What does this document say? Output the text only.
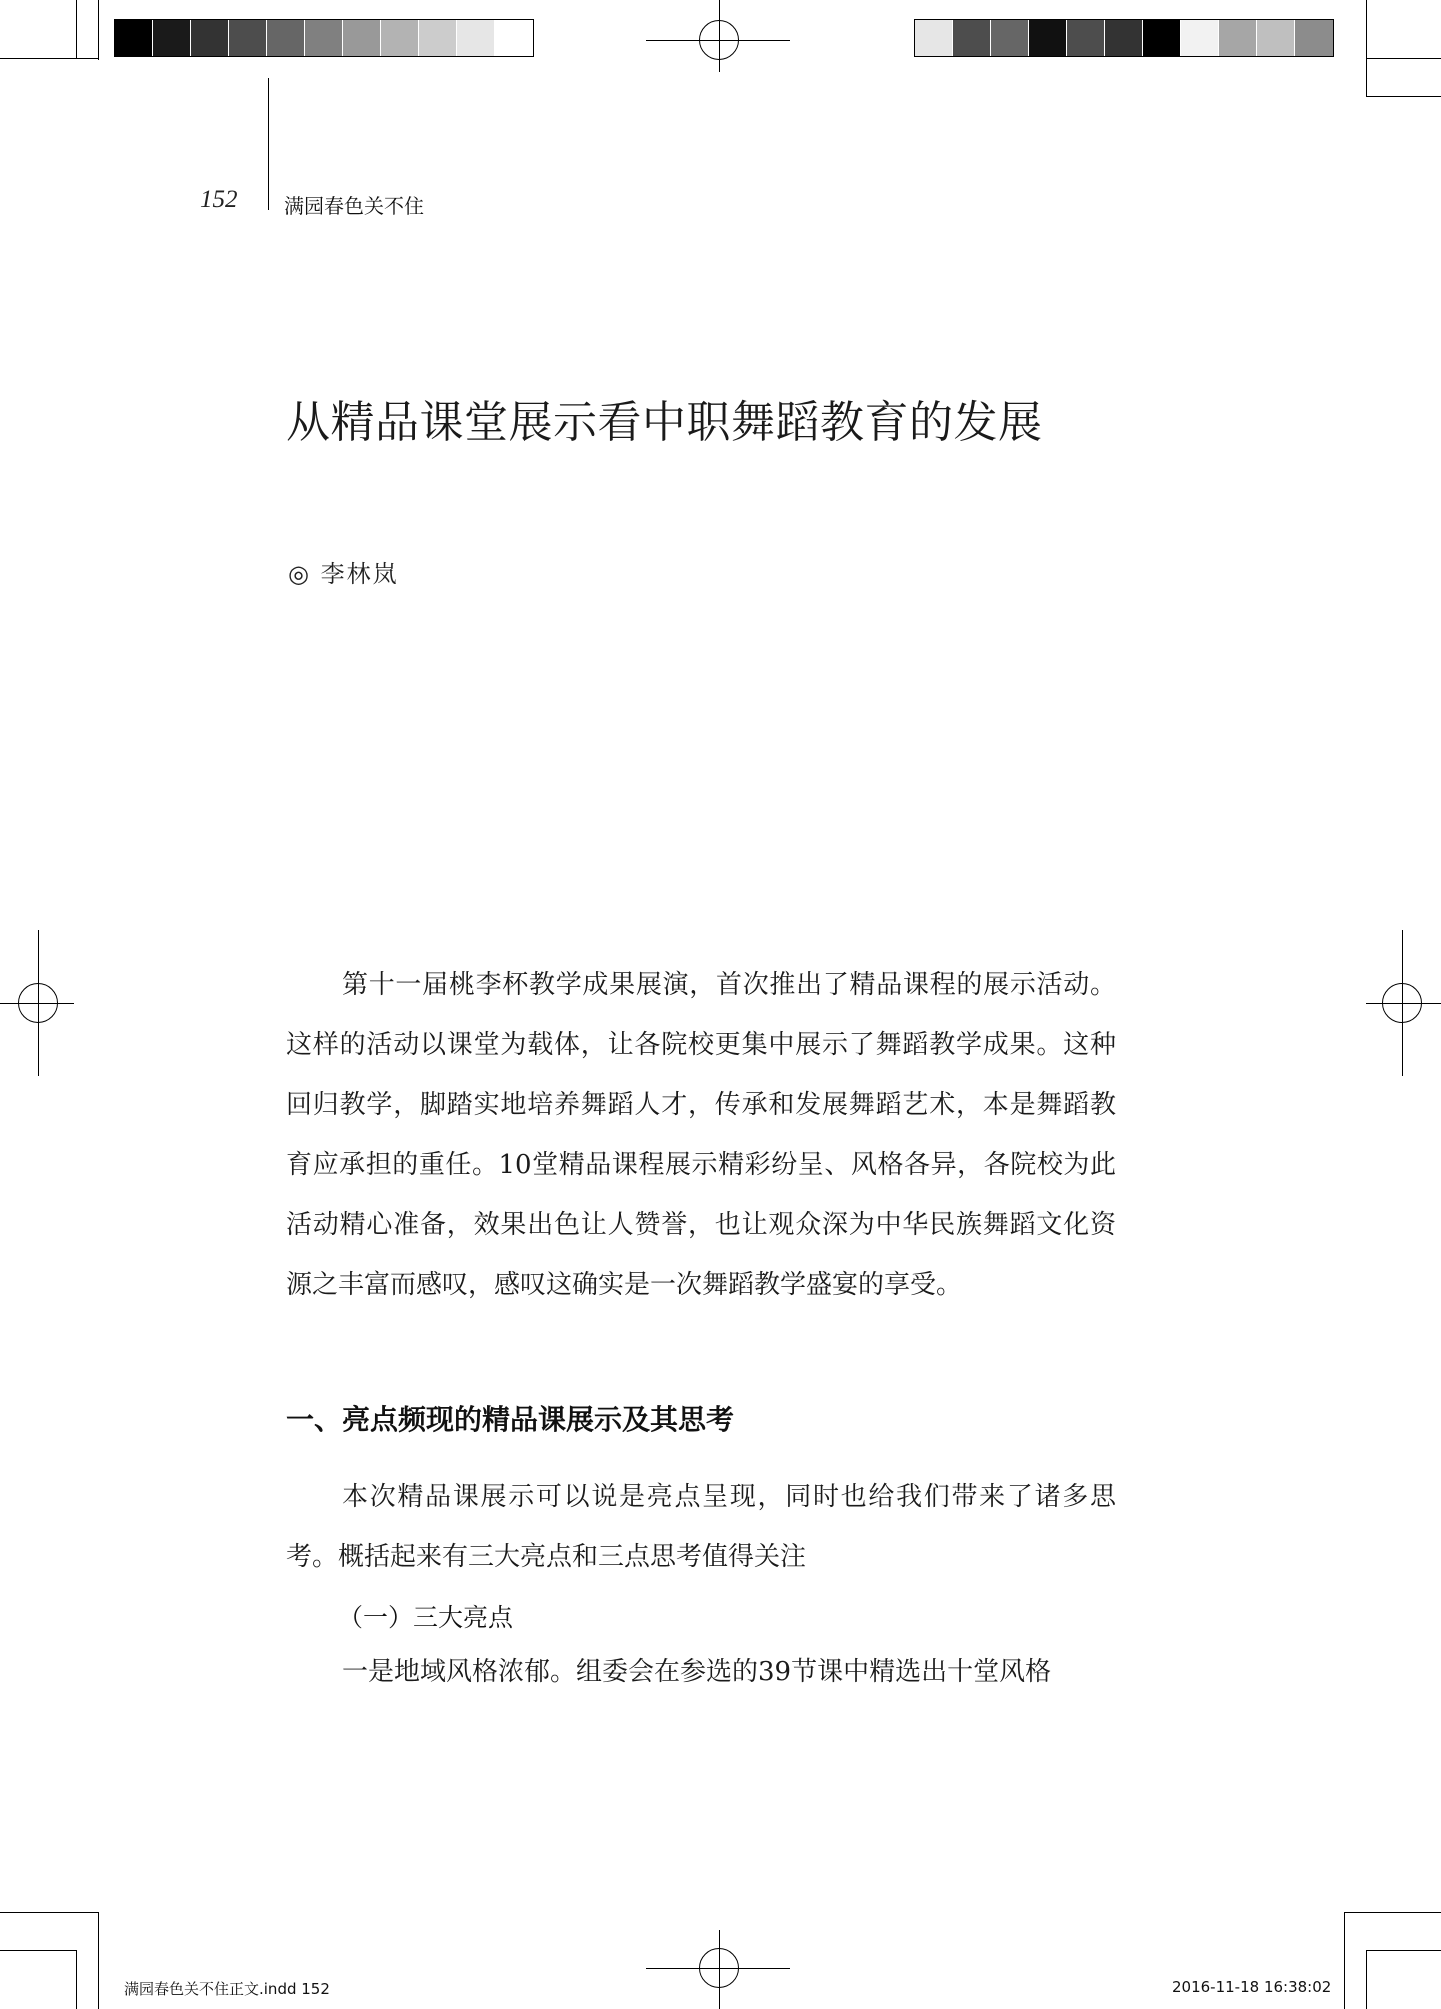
152 满园春色关不住
从精品课堂展示看中职舞蹈教育的发展
◎ 李林岚

第十一届桃李杯教学成果展演，首次推出了精品课程的展示活动。这样的活动以课堂为载体，让各院校更集中展示了舞蹈教学成果。这种回归教学，脚踏实地培养舞蹈人才，传承和发展舞蹈艺术，本是舞蹈教育应承担的重任。10堂精品课程展示精彩纷呈、风格各异，各院校为此活动精心准备，效果出色让人赞誉，也让观众深为中华民族舞蹈文化资源之丰富而感叹，感叹这确实是一次舞蹈教学盛宴的享受。

一、亮点频现的精品课展示及其思考

本次精品课展示可以说是亮点呈现，同时也给我们带来了诸多思考。概括起来有三大亮点和三点思考值得关注

（一）三大亮点

一是地域风格浓郁。组委会在参选的39节课中精选出十堂风格

满园春色关不住正文.indd 152	2016-11-18 16:38:02
